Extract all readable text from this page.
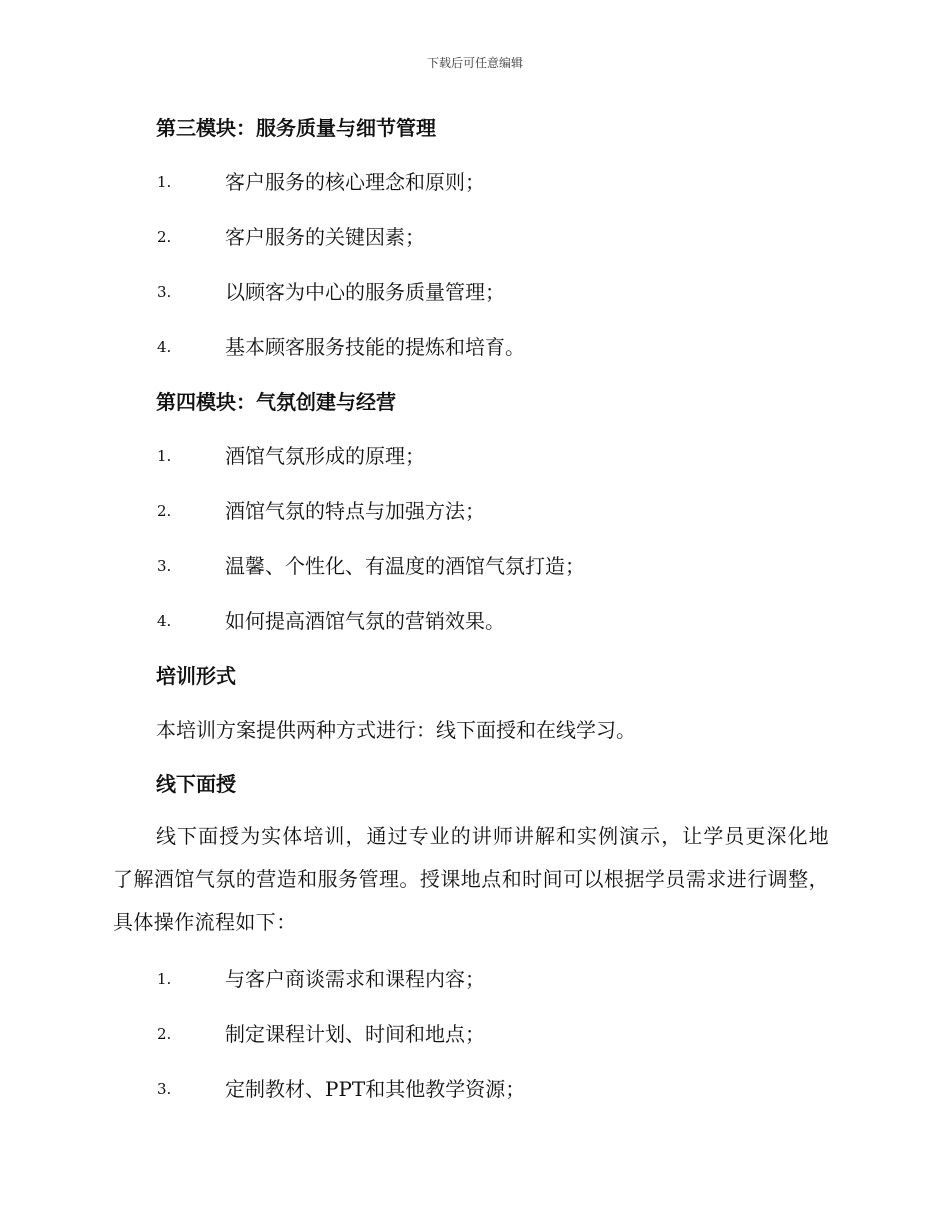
下载后可任意编辑
第三模块：服务质量与细节管理
1.	客户服务的核心理念和原则；
2.	客户服务的关键因素；
3.	以顾客为中心的服务质量管理；
4.	基本顾客服务技能的提炼和培育。
第四模块：气氛创建与经营
1.	酒馆气氛形成的原理；
2.	酒馆气氛的特点与加强方法；
3.	温馨、个性化、有温度的酒馆气氛打造；
4.	如何提高酒馆气氛的营销效果。
培训形式
本培训方案提供两种方式进行：线下面授和在线学习。
线下面授

线下面授为实体培训，通过专业的讲师讲解和实例演示，让学员更深化地了解酒馆气氛的营造和服务管理。授课地点和时间可以根据学员需求进行调整，具体操作流程如下：

1.	与客户商谈需求和课程内容；
2.	制定课程计划、时间和地点；
3.	定制教材、PPT和其他教学资源；
